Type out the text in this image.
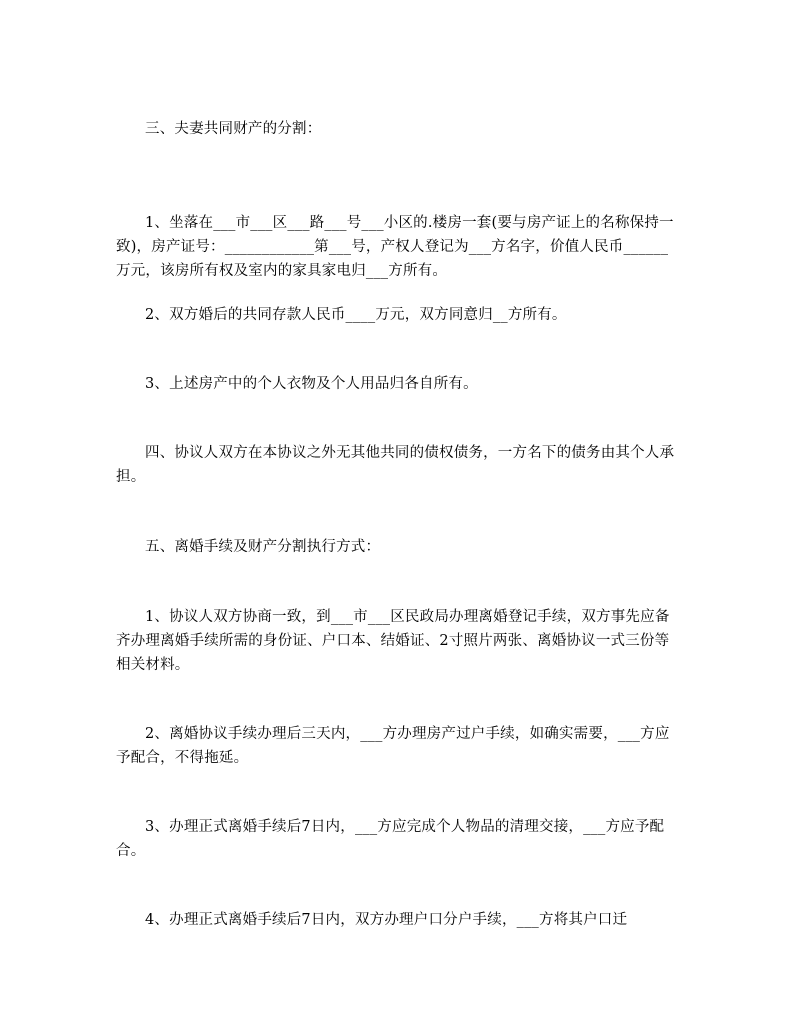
三、夫妻共同财产的分割：

1、坐落在___市___区___路___号___小区的.楼房一套(要与房产证上的名称保持一致)，房产证号：____________第___号，产权人登记为___方名字，价值人民币______万元，该房所有权及室内的家具家电归___方所有。

2、双方婚后的共同存款人民币____万元，双方同意归__方所有。

3、上述房产中的个人衣物及个人用品归各自所有。

四、协议人双方在本协议之外无其他共同的债权债务，一方名下的债务由其个人承担。

五、离婚手续及财产分割执行方式：

1、协议人双方协商一致，到___市___区民政局办理离婚登记手续，双方事先应备齐办理离婚手续所需的身份证、户口本、结婚证、2寸照片两张、离婚协议一式三份等相关材料。

2、离婚协议手续办理后三天内，___方办理房产过户手续，如确实需要，___方应予配合，不得拖延。

3、办理正式离婚手续后7日内，___方应完成个人物品的清理交接，___方应予配合。

4、办理正式离婚手续后7日内，双方办理户口分户手续，___方将其户口迁
